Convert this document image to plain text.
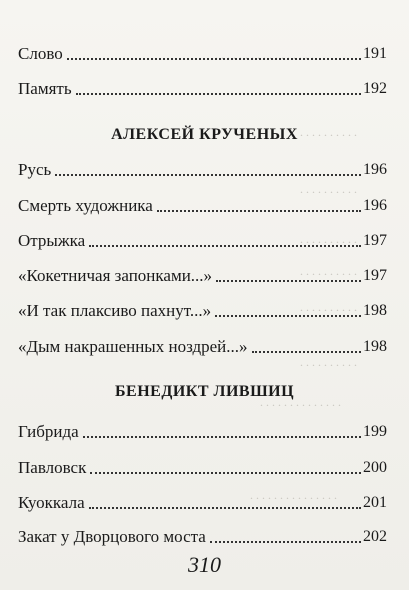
. . . . . . . . . . . . . . . . .
. . . . . . . . . .
. . . . . . . . . .
. . . . . . . . . .
. . . . . . . . . .
. . . . . . . . . .
. . . . . . . . . .
. . . . . . . . . . . . . .
. . . . . . . . . . . . . . .
Слово	191
Память	192
АЛЕКСЕЙ КРУЧЕНЫХ
Русь	196
Смерть художника	196
Отрыжка	197
«Кокетничая запонками...»	197
«И так плаксиво пахнут...»	198
«Дым накрашенных ноздрей...»	198
БЕНЕДИКТ ЛИВШИЦ
Гибрида	199
Павловск	200
Куоккала	201
Закат у Дворцового моста	202
310
